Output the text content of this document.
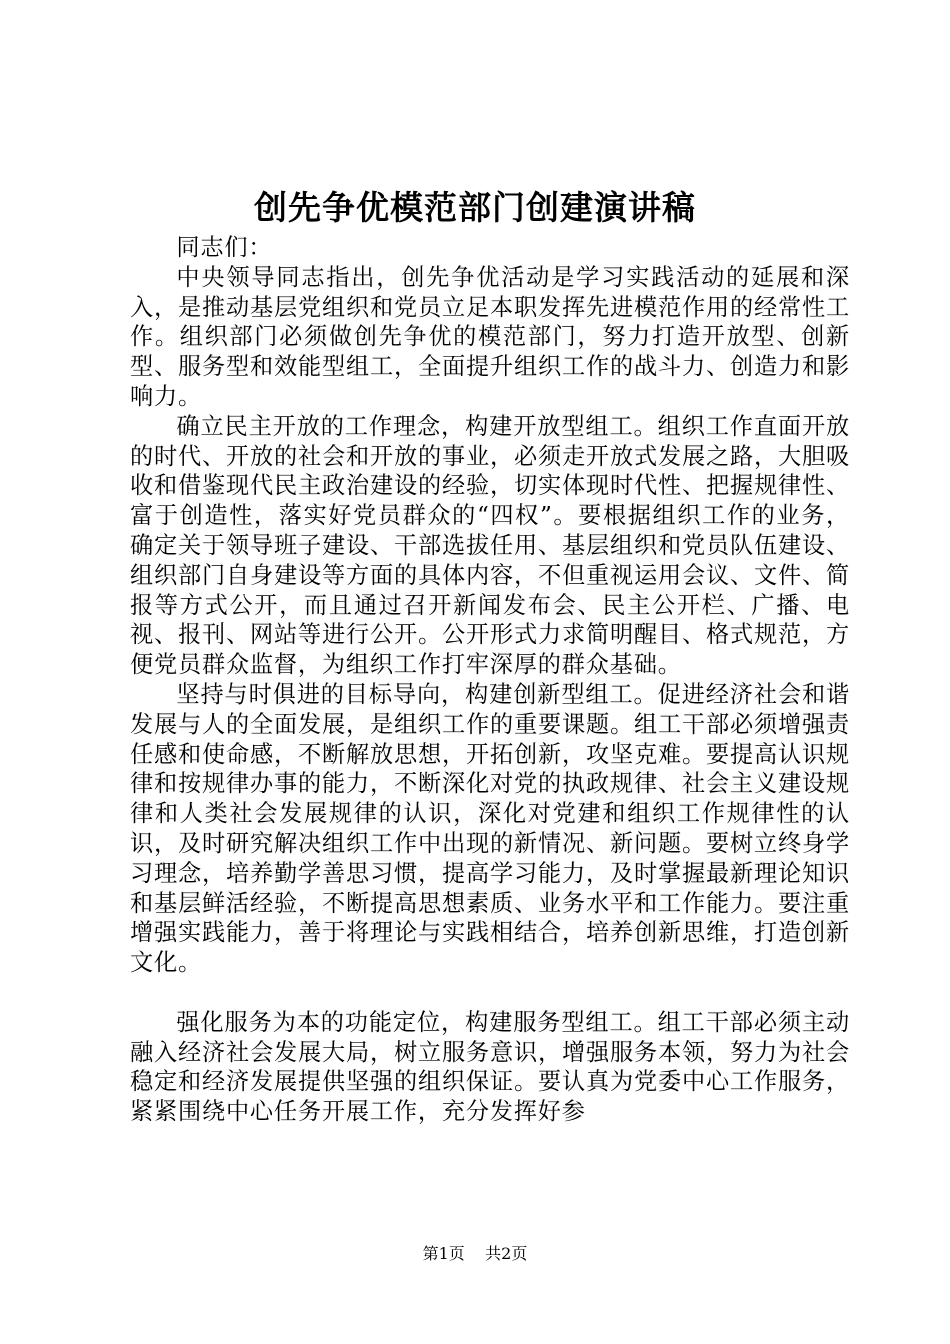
创先争优模范部门创建演讲稿

同志们：

中央领导同志指出，创先争优活动是学习实践活动的延展和深入，是推动基层党组织和党员立足本职发挥先进模范作用的经常性工作。组织部门必须做创先争优的模范部门，努力打造开放型、创新型、服务型和效能型组工，全面提升组织工作的战斗力、创造力和影响力。

确立民主开放的工作理念，构建开放型组工。组织工作直面开放的时代、开放的社会和开放的事业，必须走开放式发展之路，大胆吸收和借鉴现代民主政治建设的经验，切实体现时代性、把握规律性、富于创造性，落实好党员群众的“四权”。要根据组织工作的业务，确定关于领导班子建设、干部选拔任用、基层组织和党员队伍建设、组织部门自身建设等方面的具体内容，不但重视运用会议、文件、简报等方式公开，而且通过召开新闻发布会、民主公开栏、广播、电视、报刊、网站等进行公开。公开形式力求简明醒目、格式规范，方便党员群众监督，为组织工作打牢深厚的群众基础。

坚持与时俱进的目标导向，构建创新型组工。促进经济社会和谐发展与人的全面发展，是组织工作的重要课题。组工干部必须增强责任感和使命感，不断解放思想，开拓创新，攻坚克难。要提高认识规律和按规律办事的能力，不断深化对党的执政规律、社会主义建设规律和人类社会发展规律的认识，深化对党建和组织工作规律性的认识，及时研究解决组织工作中出现的新情况、新问题。要树立终身学习理念，培养勤学善思习惯，提高学习能力，及时掌握最新理论知识和基层鲜活经验，不断提高思想素质、业务水平和工作能力。要注重增强实践能力，善于将理论与实践相结合，培养创新思维，打造创新文化。

强化服务为本的功能定位，构建服务型组工。组工干部必须主动融入经济社会发展大局，树立服务意识，增强服务本领，努力为社会稳定和经济发展提供坚强的组织保证。要认真为党委中心工作服务，紧紧围绕中心任务开展工作，充分发挥好参

第1页 共2页
